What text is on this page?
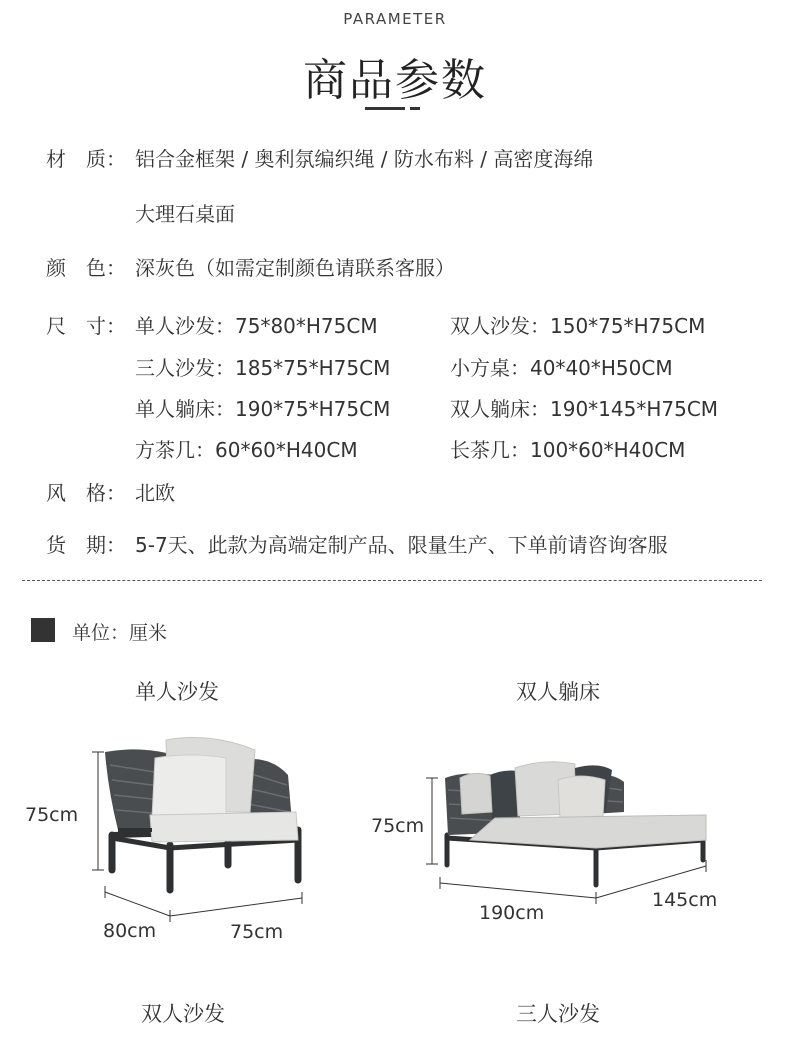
PARAMETER
商品参数
材　质： 铝合金框架 / 奥利氛编织绳 / 防水布料 / 高密度海绵
大理石桌面
颜　色： 深灰色（如需定制颜色请联系客服）
尺　寸： 单人沙发：75*80*H75CM	双人沙发：150*75*H75CM
三人沙发：185*75*H75CM	小方桌：40*40*H50CM
单人躺床：190*75*H75CM	双人躺床：190*145*H75CM
方茶几：60*60*H40CM	长茶几：100*60*H40CM
风　格： 北欧
货　期： 5-7天、此款为高端定制产品、限量生产、下单前请咨询客服
单位：厘米
单人沙发	双人躺床
双人沙发	三人沙发
75cm
80cm	75cm
75cm
190cm
145cm
